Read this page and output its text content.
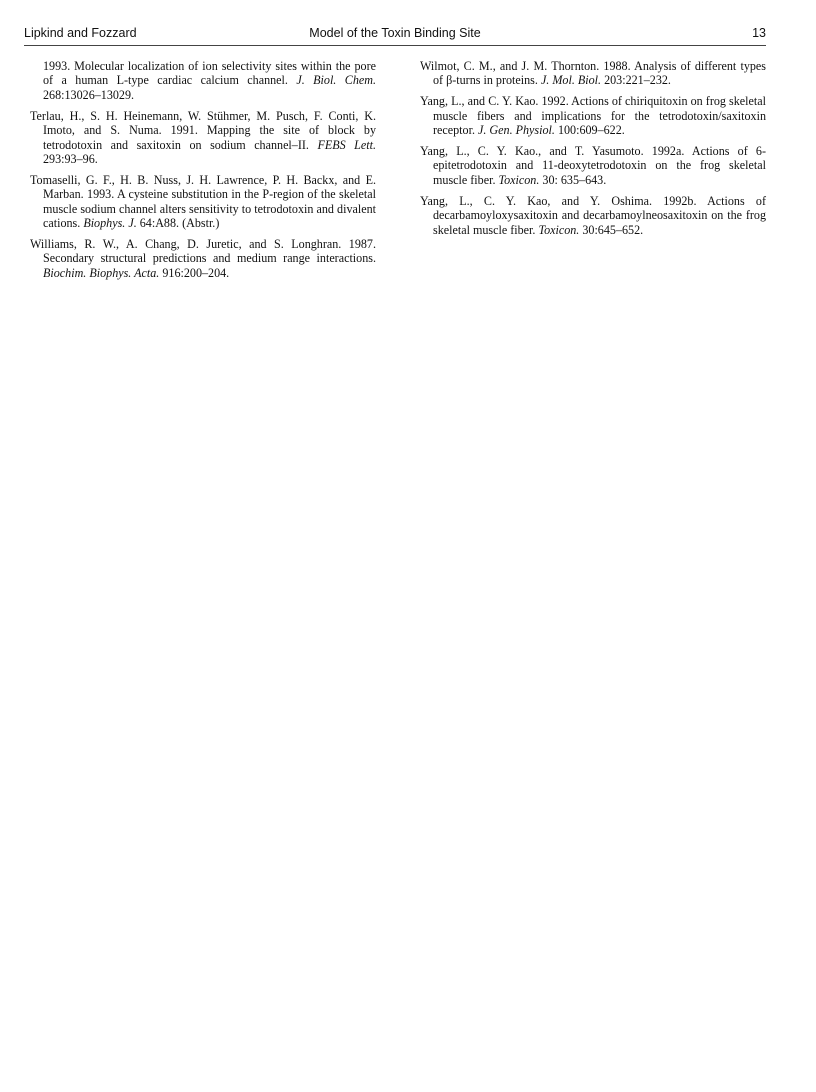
Lipkind and Fozzard	Model of the Toxin Binding Site	13

1993. Molecular localization of ion selectivity sites within the pore of a human L-type cardiac calcium channel. J. Biol. Chem. 268:13026–13029.

Terlau, H., S. H. Heinemann, W. Stühmer, M. Pusch, F. Conti, K. Imoto, and S. Numa. 1991. Mapping the site of block by tetrodotoxin and saxitoxin on sodium channel–II. FEBS Lett. 293:93–96.

Tomaselli, G. F., H. B. Nuss, J. H. Lawrence, P. H. Backx, and E. Marban. 1993. A cysteine substitution in the P-region of the skeletal muscle sodium channel alters sensitivity to tetrodotoxin and divalent cations. Biophys. J. 64:A88. (Abstr.)

Williams, R. W., A. Chang, D. Juretic, and S. Longhran. 1987. Secondary structural predictions and medium range interactions. Biochim. Biophys. Acta. 916:200–204.

Wilmot, C. M., and J. M. Thornton. 1988. Analysis of different types of β-turns in proteins. J. Mol. Biol. 203:221–232.

Yang, L., and C. Y. Kao. 1992. Actions of chiriquitoxin on frog skeletal muscle fibers and implications for the tetrodotoxin/saxitoxin receptor. J. Gen. Physiol. 100:609–622.

Yang, L., C. Y. Kao., and T. Yasumoto. 1992a. Actions of 6-epitetrodotoxin and 11-deoxytetrodotoxin on the frog skeletal muscle fiber. Toxicon. 30: 635–643.

Yang, L., C. Y. Kao, and Y. Oshima. 1992b. Actions of decarbamoyloxysaxitoxin and decarbamoylneosaxitoxin on the frog skeletal muscle fiber. Toxicon. 30:645–652.
